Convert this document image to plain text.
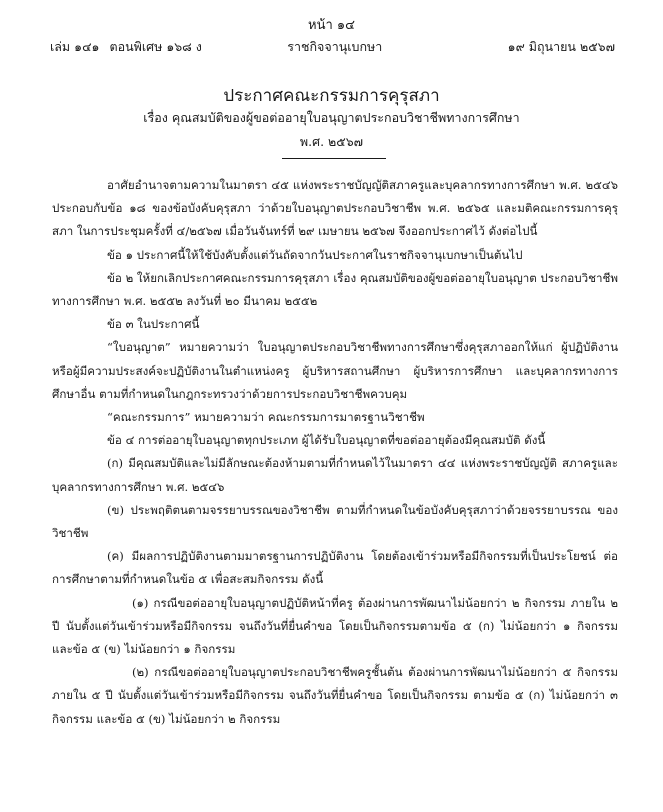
หน้า ๑๔
เล่ม ๑๔๑ ตอนพิเศษ ๑๖๘ ง	ราชกิจจานุเบกษา	๑๙ มิถุนายน ๒๕๖๗
ประกาศคณะกรรมการคุรุสภา
เรื่อง คุณสมบัติของผู้ขอต่ออายุใบอนุญาตประกอบวิชาชีพทางการศึกษา
พ.ศ. ๒๕๖๗

อาศัยอำนาจตามความในมาตรา ๔๕ แห่งพระราชบัญญัติสภาครูและบุคลากรทางการศึกษา พ.ศ. ๒๕๔๖ ประกอบกับข้อ ๑๘ ของข้อบังคับคุรุสภา ว่าด้วยใบอนุญาตประกอบวิชาชีพ พ.ศ. ๒๕๖๕ และมติคณะกรรมการคุรุสภา ในการประชุมครั้งที่ ๔/๒๕๖๗ เมื่อวันจันทร์ที่ ๒๙ เมษายน ๒๕๖๗ จึงออกประกาศไว้ ดังต่อไปนี้

ข้อ ๑ ประกาศนี้ให้ใช้บังคับตั้งแต่วันถัดจากวันประกาศในราชกิจจานุเบกษาเป็นต้นไป

ข้อ ๒ ให้ยกเลิกประกาศคณะกรรมการคุรุสภา เรื่อง คุณสมบัติของผู้ขอต่ออายุใบอนุญาต ประกอบวิชาชีพทางการศึกษา พ.ศ. ๒๕๕๒ ลงวันที่ ๒๐ มีนาคม ๒๕๕๒

ข้อ ๓ ในประกาศนี้

“ใบอนุญาต” หมายความว่า ใบอนุญาตประกอบวิชาชีพทางการศึกษาซึ่งคุรุสภาออกให้แก่ ผู้ปฏิบัติงาน หรือผู้มีความประสงค์จะปฏิบัติงานในตำแหน่งครู ผู้บริหารสถานศึกษา ผู้บริหารการศึกษา และบุคลากรทางการศึกษาอื่น ตามที่กำหนดในกฎกระทรวงว่าด้วยการประกอบวิชาชีพควบคุม

“คณะกรรมการ” หมายความว่า คณะกรรมการมาตรฐานวิชาชีพ

ข้อ ๔ การต่ออายุใบอนุญาตทุกประเภท ผู้ได้รับใบอนุญาตที่ขอต่ออายุต้องมีคุณสมบัติ ดังนี้

(ก) มีคุณสมบัติและไม่มีลักษณะต้องห้ามตามที่กำหนดไว้ในมาตรา ๔๔ แห่งพระราชบัญญัติ สภาครูและบุคลากรทางการศึกษา พ.ศ. ๒๕๔๖

(ข) ประพฤติตนตามจรรยาบรรณของวิชาชีพ ตามที่กำหนดในข้อบังคับคุรุสภาว่าด้วยจรรยาบรรณ ของวิชาชีพ

(ค) มีผลการปฏิบัติงานตามมาตรฐานการปฏิบัติงาน โดยต้องเข้าร่วมหรือมีกิจกรรมที่เป็นประโยชน์ ต่อการศึกษาตามที่กำหนดในข้อ ๕ เพื่อสะสมกิจกรรม ดังนี้

(๑) กรณีขอต่ออายุใบอนุญาตปฏิบัติหน้าที่ครู ต้องผ่านการพัฒนาไม่น้อยกว่า ๒ กิจกรรม ภายใน ๒ ปี นับตั้งแต่วันเข้าร่วมหรือมีกิจกรรม จนถึงวันที่ยื่นคำขอ โดยเป็นกิจกรรมตามข้อ ๕ (ก) ไม่น้อยกว่า ๑ กิจกรรม และข้อ ๕ (ข) ไม่น้อยกว่า ๑ กิจกรรม

(๒) กรณีขอต่ออายุใบอนุญาตประกอบวิชาชีพครูชั้นต้น ต้องผ่านการพัฒนาไม่น้อยกว่า ๕ กิจกรรม ภายใน ๕ ปี นับตั้งแต่วันเข้าร่วมหรือมีกิจกรรม จนถึงวันที่ยื่นคำขอ โดยเป็นกิจกรรม ตามข้อ ๕ (ก) ไม่น้อยกว่า ๓ กิจกรรม และข้อ ๕ (ข) ไม่น้อยกว่า ๒ กิจกรรม
